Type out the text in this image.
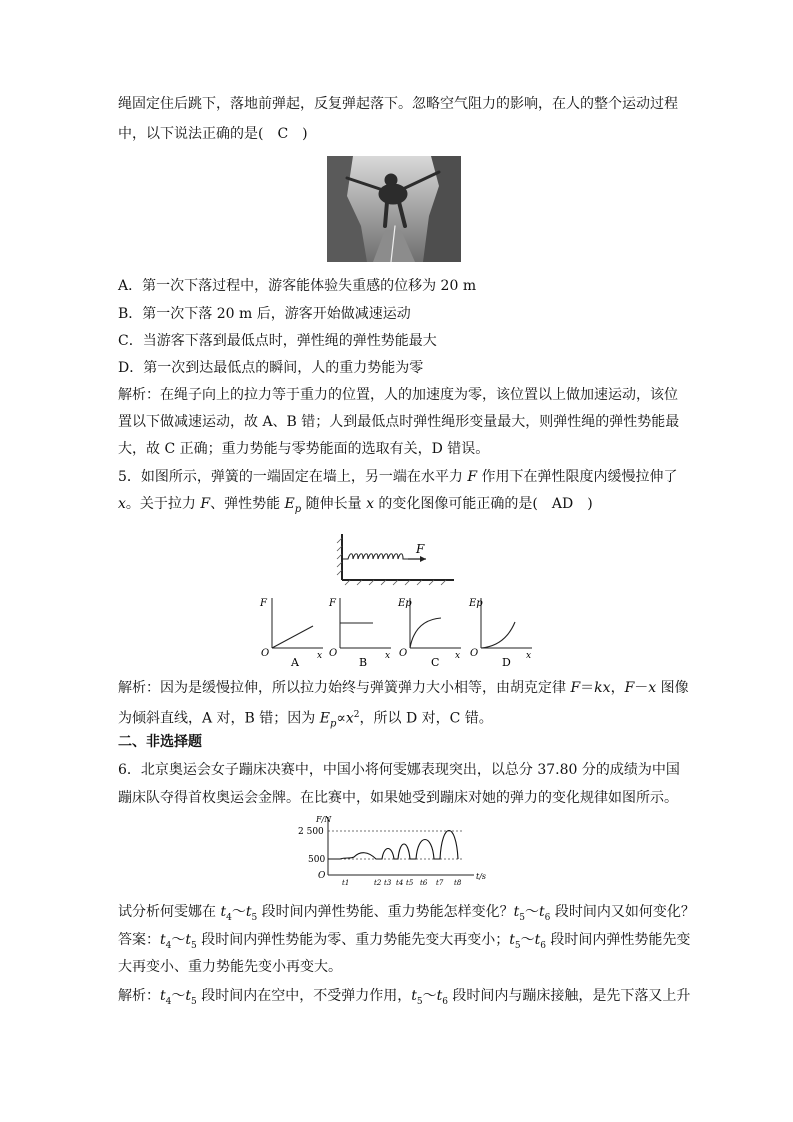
绳固定住后跳下，落地前弹起，反复弹起落下。忽略空气阻力的影响，在人的整个运动过程
中，以下说法正确的是(　C　)
A．第一次下落过程中，游客能体验失重感的位移为 20 m
B．第一次下落 20 m 后，游客开始做减速运动
C．当游客下落到最低点时，弹性绳的弹性势能最大
D．第一次到达最低点的瞬间，人的重力势能为零
解析：在绳子向上的拉力等于重力的位置，人的加速度为零，该位置以上做加速运动，该位
置以下做减速运动，故 A、B 错；人到最低点时弹性绳形变量最大，则弹性绳的弹性势能最
大，故 C 正确；重力势能与零势能面的选取有关，D 错误。
5．如图所示，弹簧的一端固定在墙上，另一端在水平力 F 作用下在弹性限度内缓慢拉伸了
x。关于拉力 F、弹性势能 $E_p$ 随伸长量 x 的变化图像可能正确的是(　AD　)
F
F
O	x
A
F
O	x
B
Ep
O	x
C
Ep
O	x
D
解析：因为是缓慢拉伸，所以拉力始终与弹簧弹力大小相等，由胡克定律 F＝kx，F－x 图像
为倾斜直线，A 对，B 错；因为 $E_p\propto x^2$，所以 D 对，C 错。
二、非选择题
6．北京奥运会女子蹦床决赛中，中国小将何雯娜表现突出，以总分 37.80 分的成绩为中国
蹦床队夺得首枚奥运会金牌。在比赛中，如果她受到蹦床对她的弹力的变化规律如图所示。
F/N
t/s
O
2 500
500
t1	t2 t3 t4 t5 t6 t7 t8
试分析何雯娜在 $t_4\sim t_5$ 段时间内弹性势能、重力势能怎样变化？$t_5\sim t_6$ 段时间内又如何变化？
答案：$t_4\sim t_5$ 段时间内弹性势能为零、重力势能先变大再变小；$t_5\sim t_6$ 段时间内弹性势能先变
大再变小、重力势能先变小再变大。
解析：$t_4\sim t_5$ 段时间内在空中，不受弹力作用，$t_5\sim t_6$ 段时间内与蹦床接触，是先下落又上升
